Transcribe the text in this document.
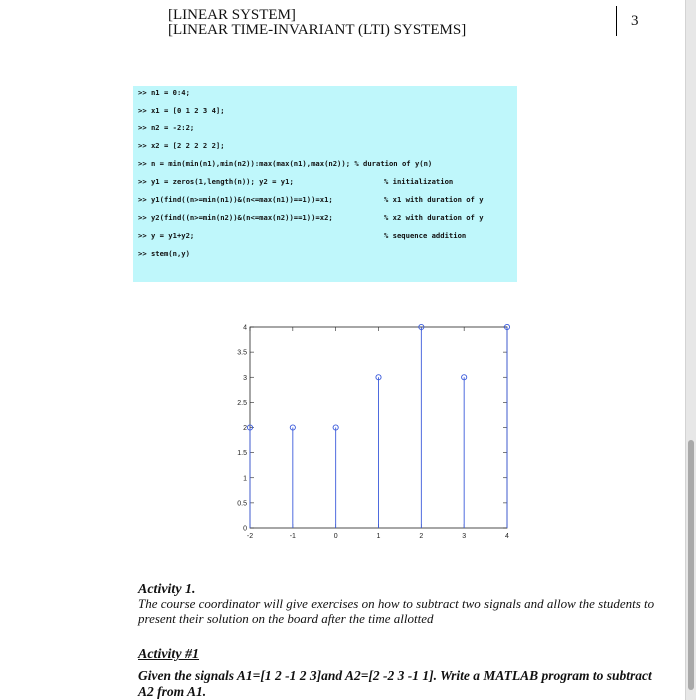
[LINEAR SYSTEM]
[LINEAR TIME-INVARIANT (LTI) SYSTEMS]
3
>> n1 = 0:4;
>> x1 = [0 1 2 3 4];
>> n2 = -2:2;
>> x2 = [2 2 2 2 2];
>> n = min(min(n1),min(n2)):max(max(n1),max(n2)); % duration of y(n)
>> y1 = zeros(1,length(n)); y2 = y1;	% initialization
>> y1(find((n>=min(n1))&(n<=max(n1))==1))=x1;	% x1 with duration of y
>> y2(find((n>=min(n2))&(n<=max(n2))==1))=x2;	% x2 with duration of y
>> y = y1+y2;	% sequence addition
>> stem(n,y)
-2	-1	0	1	2	3	4
0
0.5
1
1.5
2
2.5
3
3.5
4
Activity 1.
The course coordinator will give exercises on how to subtract two signals and allow the students to present their solution on the board after the time allotted
Activity #1
Given the signals A1=[1 2 -1 2 3]and A2=[2 -2 3 -1 1]. Write a MATLAB program to subtract A2 from A1.
